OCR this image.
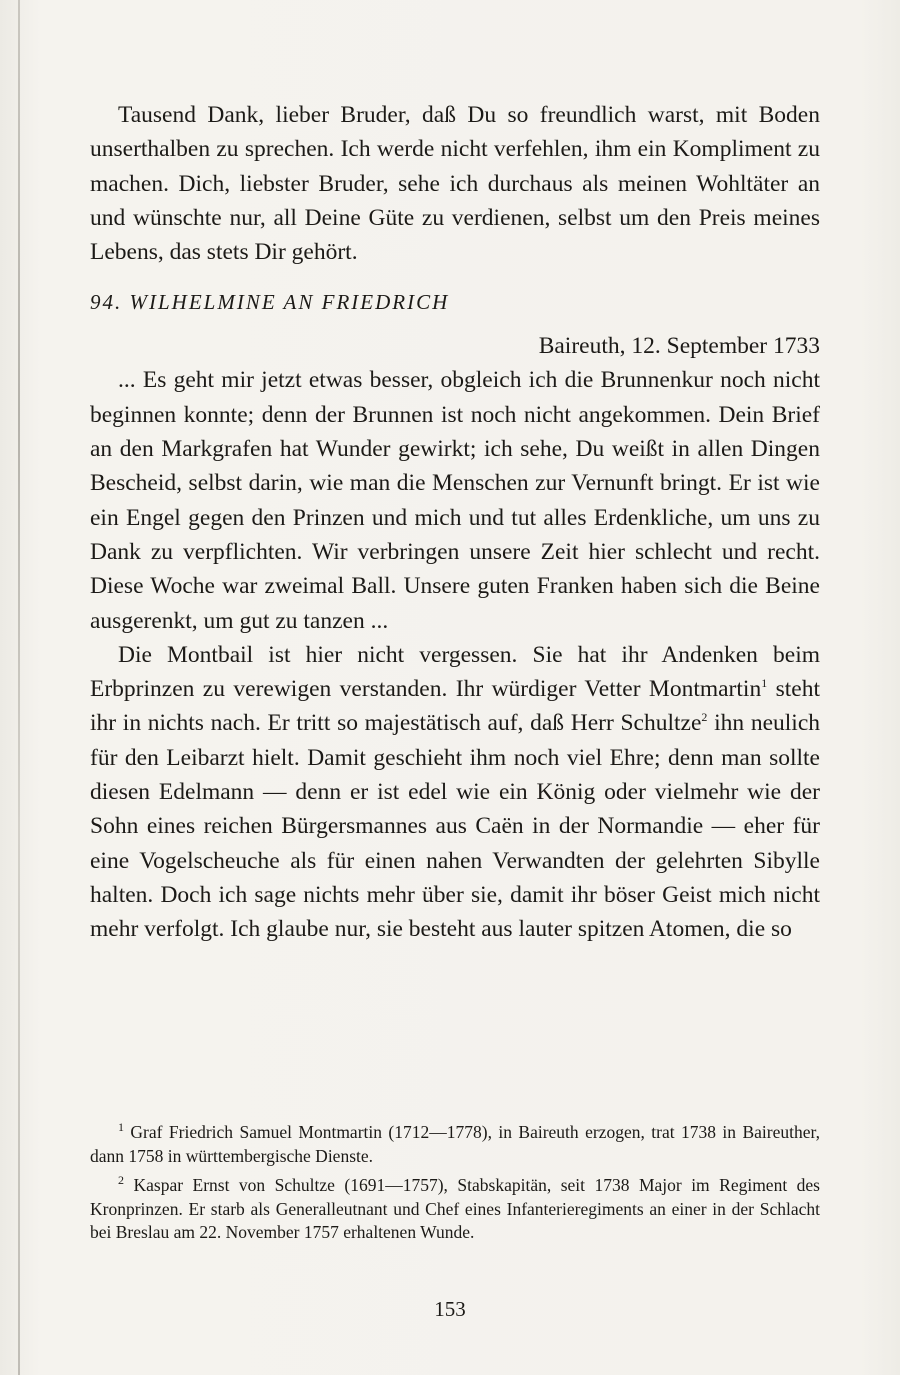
Tausend Dank, lieber Bruder, daß Du so freundlich warst, mit Boden unserthalben zu sprechen. Ich werde nicht verfehlen, ihm ein Kompliment zu machen. Dich, liebster Bruder, sehe ich durchaus als meinen Wohltäter an und wünschte nur, all Deine Güte zu verdienen, selbst um den Preis meines Lebens, das stets Dir gehört.

94. WILHELMINE AN FRIEDRICH
Baireuth, 12. September 1733

... Es geht mir jetzt etwas besser, obgleich ich die Brunnenkur noch nicht beginnen konnte; denn der Brunnen ist noch nicht angekommen. Dein Brief an den Markgrafen hat Wunder gewirkt; ich sehe, Du weißt in allen Dingen Bescheid, selbst darin, wie man die Menschen zur Vernunft bringt. Er ist wie ein Engel gegen den Prinzen und mich und tut alles Erdenkliche, um uns zu Dank zu verpflichten. Wir verbringen unsere Zeit hier schlecht und recht. Diese Woche war zweimal Ball. Unsere guten Franken haben sich die Beine ausgerenkt, um gut zu tanzen ...

Die Montbail ist hier nicht vergessen. Sie hat ihr Andenken beim Erbprinzen zu verewigen verstanden. Ihr würdiger Vetter Montmartin$^1$ steht ihr in nichts nach. Er tritt so majestätisch auf, daß Herr Schultze$^2$ ihn neulich für den Leibarzt hielt. Damit geschieht ihm noch viel Ehre; denn man sollte diesen Edelmann — denn er ist edel wie ein König oder vielmehr wie der Sohn eines reichen Bürgersmannes aus Caën in der Normandie — eher für eine Vogelscheuche als für einen nahen Verwandten der gelehrten Sibylle halten. Doch ich sage nichts mehr über sie, damit ihr böser Geist mich nicht mehr verfolgt. Ich glaube nur, sie besteht aus lauter spitzen Atomen, die so

$^1$ Graf Friedrich Samuel Montmartin (1712—1778), in Baireuth erzogen, trat 1738 in Baireuther, dann 1758 in württembergische Dienste.

$^2$ Kaspar Ernst von Schultze (1691—1757), Stabskapitän, seit 1738 Major im Regiment des Kronprinzen. Er starb als Generalleutnant und Chef eines Infanterieregiments an einer in der Schlacht bei Breslau am 22. November 1757 erhaltenen Wunde.

153
